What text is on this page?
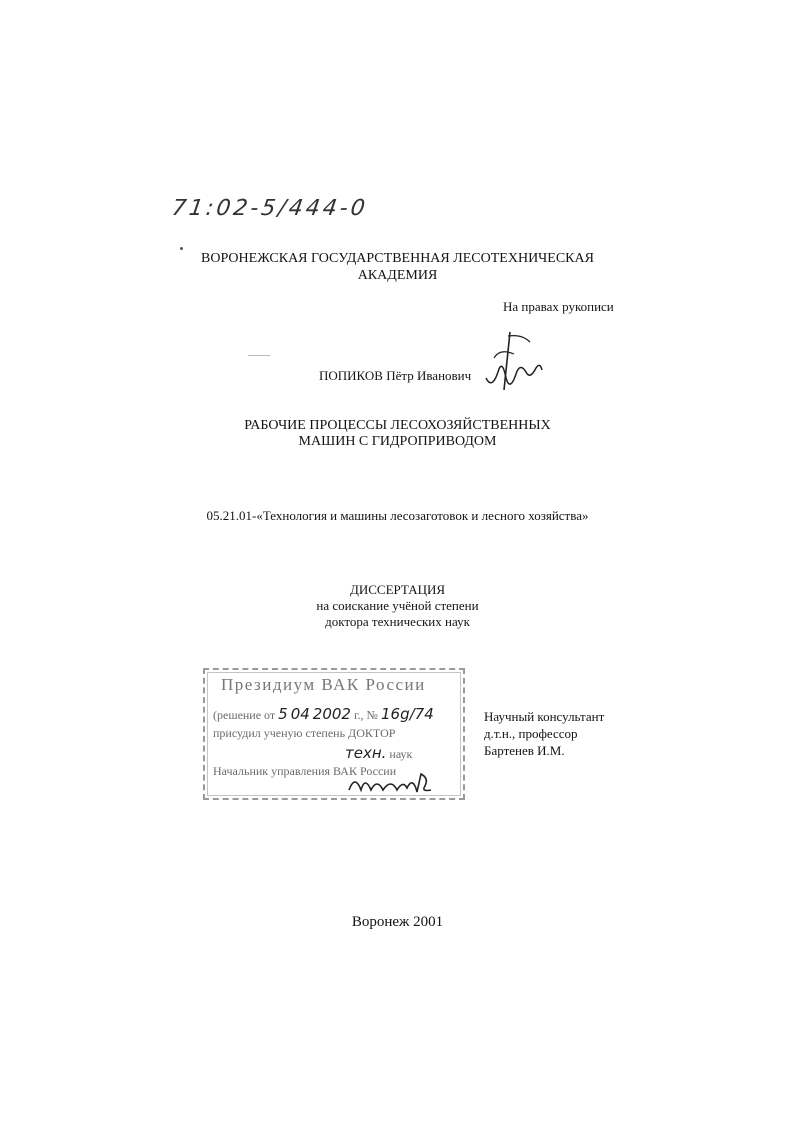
71:02-5/444-0
ВОРОНЕЖСКАЯ ГОСУДАРСТВЕННАЯ ЛЕСОТЕХНИЧЕСКАЯ
АКАДЕМИЯ
На правах рукописи
ПОПИКОВ Пётр Иванович
РАБОЧИЕ ПРОЦЕССЫ ЛЕСОХОЗЯЙСТВЕННЫХ
МАШИН С ГИДРОПРИВОДОМ
05.21.01-«Технология и машины лесозаготовок и лесного хозяйства»
ДИССЕРТАЦИЯ
на соискание учёной степени
доктора технических наук
Президиум ВАК России
(решение от 5 04 2002 г., № 16g/74
присудил ученую степень ДОКТОР
техн. наук
Начальник управления ВАК России
Научный консультант
д.т.н., профессор
Бартенев И.М.
Воронеж 2001
